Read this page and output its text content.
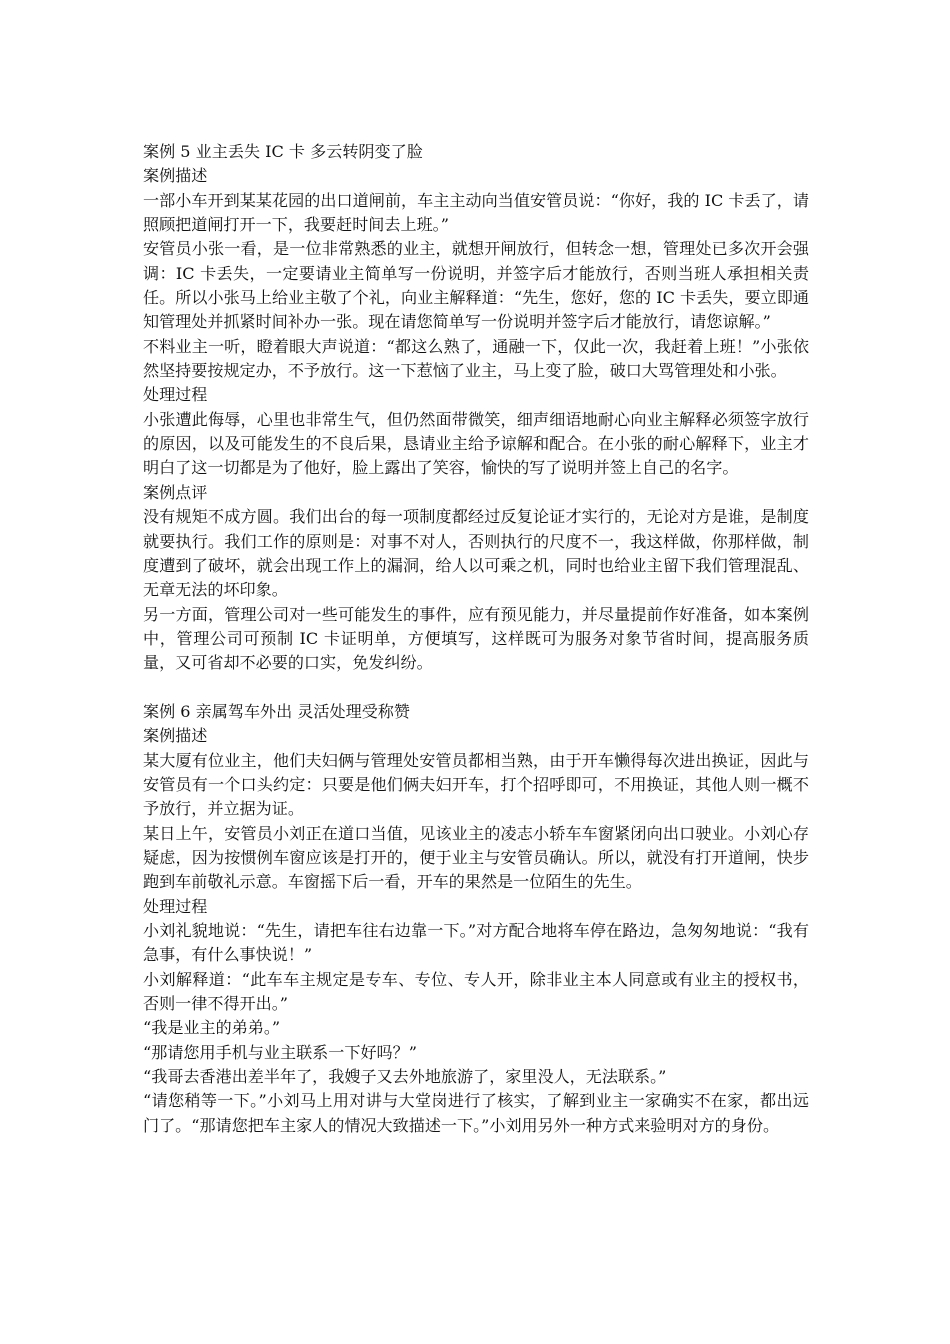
案例 5 业主丢失 IC 卡 多云转阴变了脸

案例描述

一部小车开到某某花园的出口道闸前，车主主动向当值安管员说：“你好，我的 IC 卡丢了，请照顾把道闸打开一下，我要赶时间去上班。”

安管员小张一看，是一位非常熟悉的业主，就想开闸放行，但转念一想，管理处已多次开会强调：IC 卡丢失，一定要请业主简单写一份说明，并签字后才能放行，否则当班人承担相关责任。所以小张马上给业主敬了个礼，向业主解释道：“先生，您好，您的 IC 卡丢失，要立即通知管理处并抓紧时间补办一张。现在请您简单写一份说明并签字后才能放行，请您谅解。”

不料业主一听，瞪着眼大声说道：“都这么熟了，通融一下，仅此一次，我赶着上班！”小张依然坚持要按规定办，不予放行。这一下惹恼了业主，马上变了脸，破口大骂管理处和小张。

处理过程

小张遭此侮辱，心里也非常生气，但仍然面带微笑，细声细语地耐心向业主解释必须签字放行的原因，以及可能发生的不良后果，恳请业主给予谅解和配合。在小张的耐心解释下，业主才明白了这一切都是为了他好，脸上露出了笑容，愉快的写了说明并签上自己的名字。

案例点评

没有规矩不成方圆。我们出台的每一项制度都经过反复论证才实行的，无论对方是谁，是制度就要执行。我们工作的原则是：对事不对人，否则执行的尺度不一，我这样做，你那样做，制度遭到了破坏，就会出现工作上的漏洞，给人以可乘之机，同时也给业主留下我们管理混乱、无章无法的坏印象。

另一方面，管理公司对一些可能发生的事件，应有预见能力，并尽量提前作好准备，如本案例中，管理公司可预制 IC 卡证明单，方便填写，这样既可为服务对象节省时间，提高服务质量，又可省却不必要的口实，免发纠纷。

案例 6 亲属驾车外出 灵活处理受称赞

案例描述

某大厦有位业主，他们夫妇俩与管理处安管员都相当熟，由于开车懒得每次进出换证，因此与安管员有一个口头约定：只要是他们俩夫妇开车，打个招呼即可，不用换证，其他人则一概不予放行，并立据为证。

某日上午，安管员小刘正在道口当值，见该业主的凌志小轿车车窗紧闭向出口驶业。小刘心存疑虑，因为按惯例车窗应该是打开的，便于业主与安管员确认。所以，就没有打开道闸，快步跑到车前敬礼示意。车窗摇下后一看，开车的果然是一位陌生的先生。

处理过程

小刘礼貌地说：“先生，请把车往右边靠一下。”对方配合地将车停在路边，急匆匆地说：“我有急事，有什么事快说！”

小刘解释道：“此车车主规定是专车、专位、专人开，除非业主本人同意或有业主的授权书，否则一律不得开出。”

“我是业主的弟弟。”

“那请您用手机与业主联系一下好吗？”

“我哥去香港出差半年了，我嫂子又去外地旅游了，家里没人，无法联系。”

“请您稍等一下。”小刘马上用对讲与大堂岗进行了核实，了解到业主一家确实不在家，都出远门了。“那请您把车主家人的情况大致描述一下。”小刘用另外一种方式来验明对方的身份。
